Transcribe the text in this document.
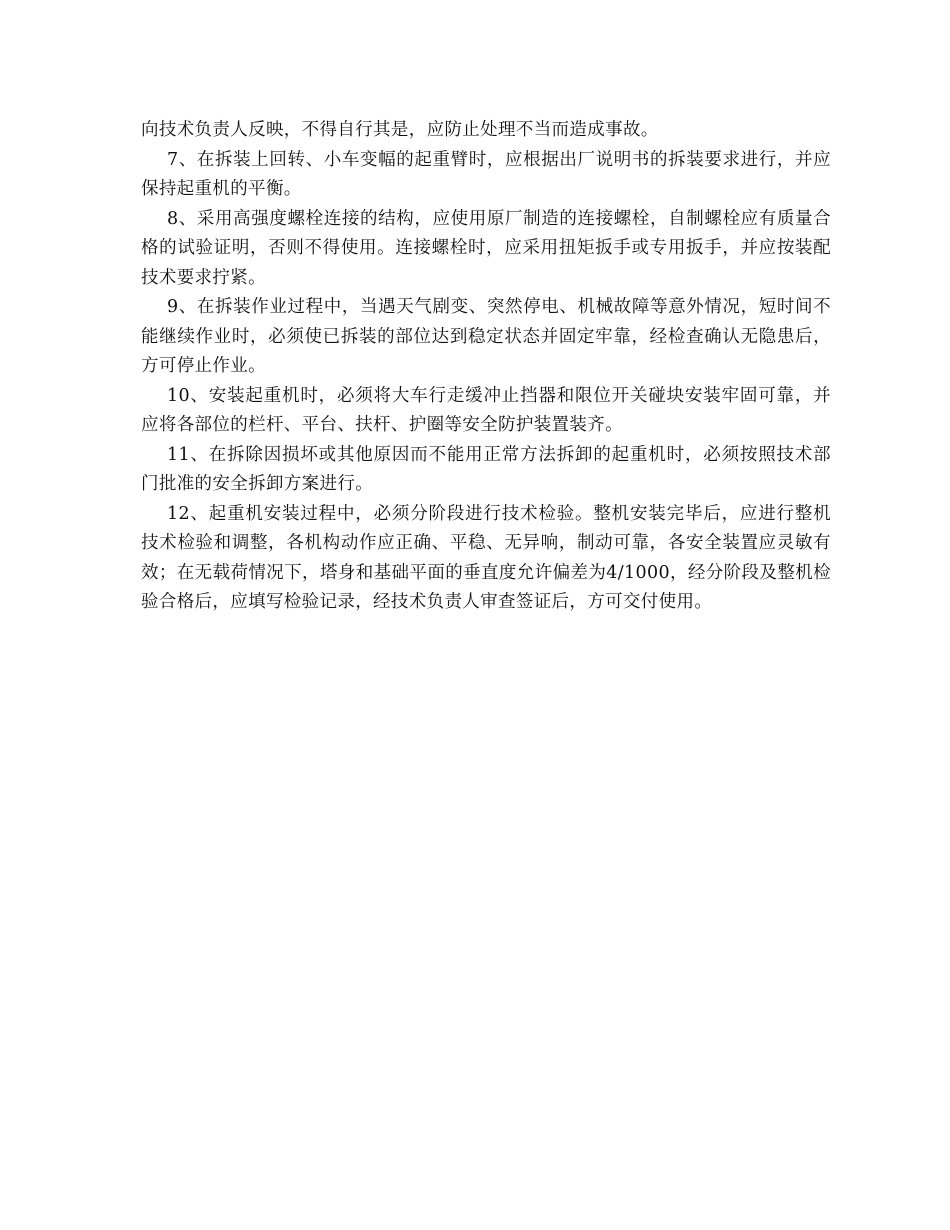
向技术负责人反映，不得自行其是，应防止处理不当而造成事故。

7、在拆装上回转、小车变幅的起重臂时，应根据出厂说明书的拆装要求进行，并应保持起重机的平衡。

8、采用高强度螺栓连接的结构，应使用原厂制造的连接螺栓，自制螺栓应有质量合格的试验证明，否则不得使用。连接螺栓时，应采用扭矩扳手或专用扳手，并应按装配技术要求拧紧。

9、在拆装作业过程中，当遇天气剧变、突然停电、机械故障等意外情况，短时间不能继续作业时，必须使已拆装的部位达到稳定状态并固定牢靠，经检查确认无隐患后，方可停止作业。

10、安装起重机时，必须将大车行走缓冲止挡器和限位开关碰块安装牢固可靠，并应将各部位的栏杆、平台、扶杆、护圈等安全防护装置装齐。

11、在拆除因损坏或其他原因而不能用正常方法拆卸的起重机时，必须按照技术部门批准的安全拆卸方案进行。

12、起重机安装过程中，必须分阶段进行技术检验。整机安装完毕后，应进行整机技术检验和调整，各机构动作应正确、平稳、无异响，制动可靠，各安全装置应灵敏有效；在无载荷情况下，塔身和基础平面的垂直度允许偏差为4/1000，经分阶段及整机检验合格后，应填写检验记录，经技术负责人审查签证后，方可交付使用。
